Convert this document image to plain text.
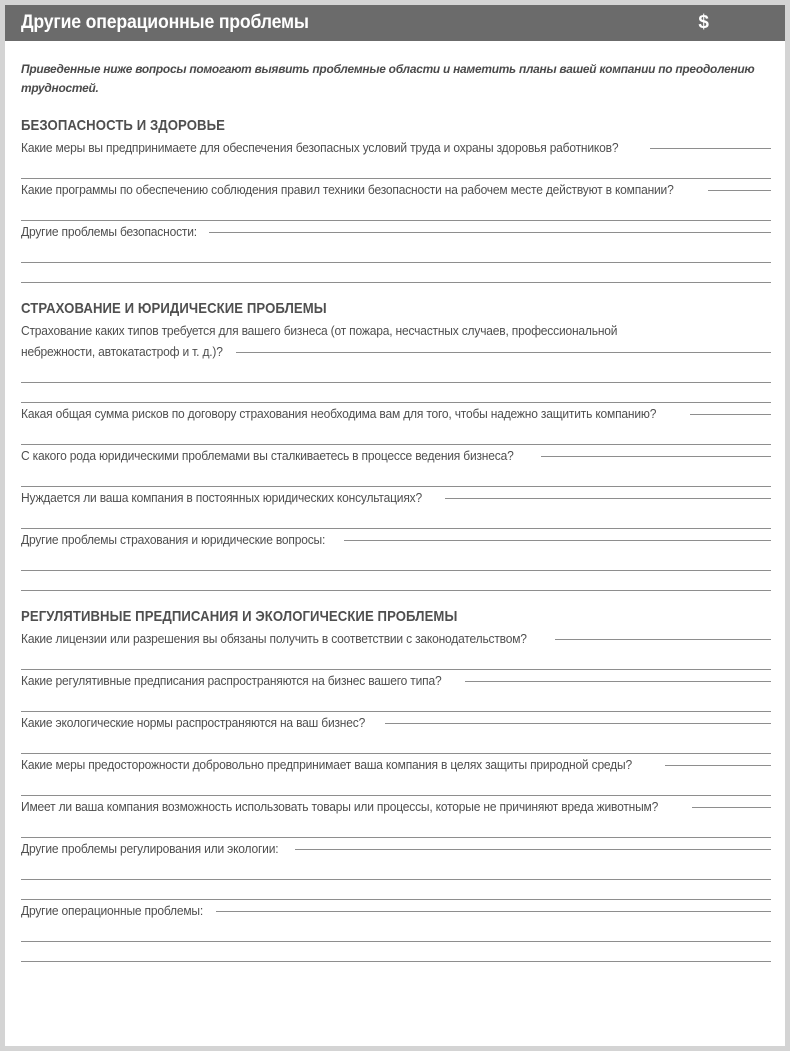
Другие операционные проблемы	$
Приведенные ниже вопросы помогают выявить проблемные области и наметить планы вашей компании по преодолению трудностей.
БЕЗОПАСНОСТЬ И ЗДОРОВЬЕ
Какие меры вы предпринимаете для обеспечения безопасных условий труда и охраны здоровья работников?
Какие программы по обеспечению соблюдения правил техники безопасности на рабочем месте действуют в компании?
Другие проблемы безопасности:
СТРАХОВАНИЕ И ЮРИДИЧЕСКИЕ ПРОБЛЕМЫ
Страхование каких типов требуется для вашего бизнеса (от пожара, несчастных случаев, профессиональной
небрежности, автокатастроф и т. д.)?
Какая общая сумма рисков по договору страхования необходима вам для того, чтобы надежно защитить компанию?
С какого рода юридическими проблемами вы сталкиваетесь в процессе ведения бизнеса?
Нуждается ли ваша компания в постоянных юридических консультациях?
Другие проблемы страхования и юридические вопросы:
РЕГУЛЯТИВНЫЕ ПРЕДПИСАНИЯ И ЭКОЛОГИЧЕСКИЕ ПРОБЛЕМЫ
Какие лицензии или разрешения вы обязаны получить в соответствии с законодательством?
Какие регулятивные предписания распространяются на бизнес вашего типа?
Какие экологические нормы распространяются на ваш бизнес?
Какие меры предосторожности добровольно предпринимает ваша компания в целях защиты природной среды?
Имеет ли ваша компания возможность использовать товары или процессы, которые не причиняют вреда животным?
Другие проблемы регулирования или экологии:
Другие операционные проблемы:
